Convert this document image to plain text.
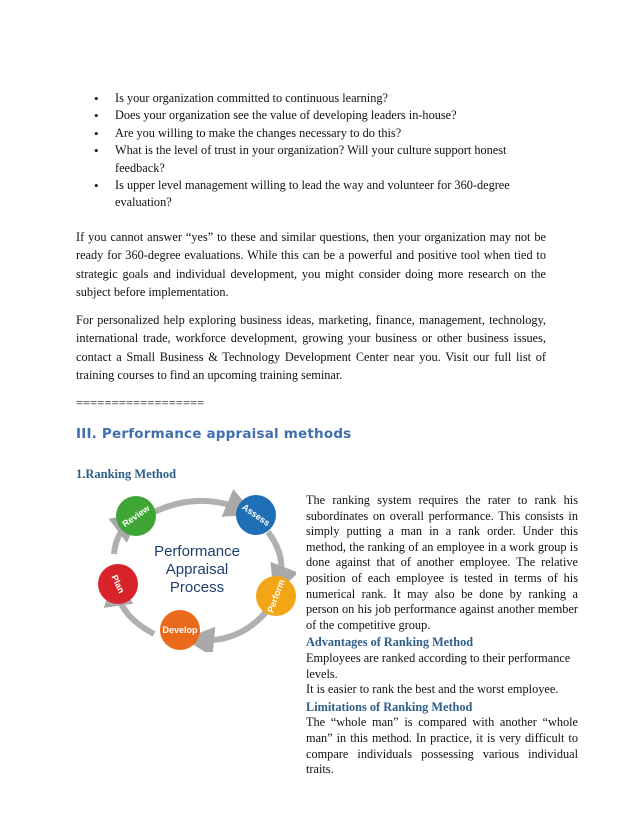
• Is your organization committed to continuous learning?
• Does your organization see the value of developing leaders in-house?
• Are you willing to make the changes necessary to do this?
• What is the level of trust in your organization? Will your culture support honest feedback?
• Is upper level management willing to lead the way and volunteer for 360-degree evaluation?

If you cannot answer “yes” to these and similar questions, then your organization may not be ready for 360-degree evaluations. While this can be a powerful and positive tool when tied to strategic goals and individual development, you might consider doing more research on the subject before implementation.

For personalized help exploring business ideas, marketing, finance, management, technology, international trade, workforce development, growing your business or other business issues, contact a Small Business & Technology Development Center near you. Visit our full list of training courses to find an upcoming training seminar.

==================

III. Performance appraisal methods
1.Ranking Method
Performance
Appraisal
Process
Review	Assess
Perform
Develop
Plan

The ranking system requires the rater to rank his subordinates on overall performance. This consists in simply putting a man in a rank order. Under this method, the ranking of an employee in a work group is done against that of another employee. The relative position of each employee is tested in terms of his numerical rank. It may also be done by ranking a person on his job performance against another member of the competitive group.

Advantages of Ranking Method

Employees are ranked according to their performance levels.

It is easier to rank the best and the worst employee.

Limitations of Ranking Method

The “whole man” is compared with another “whole man” in this method. In practice, it is very difficult to compare individuals possessing various individual traits.
